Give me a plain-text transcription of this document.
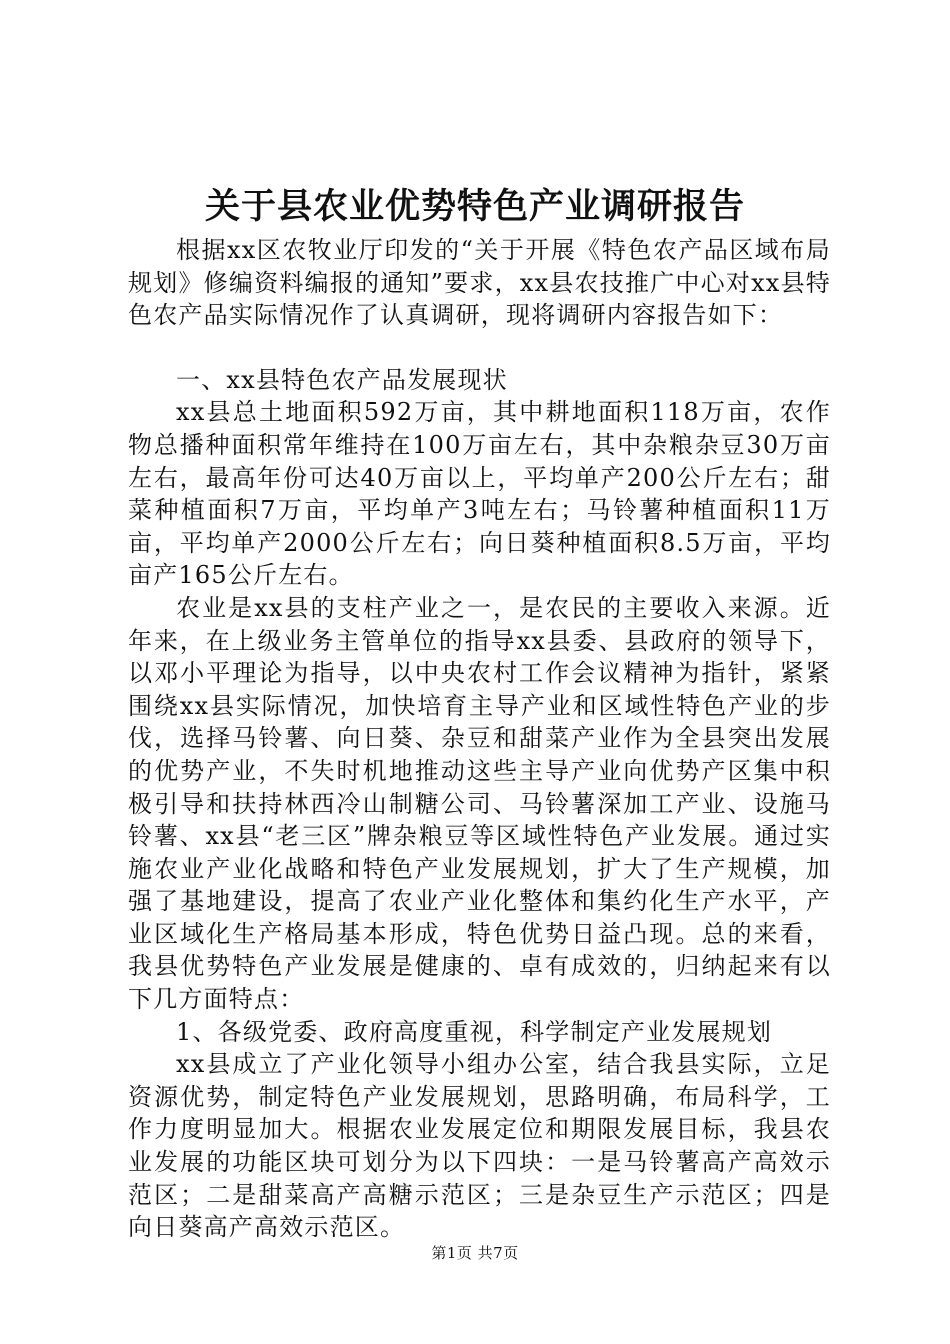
关于县农业优势特色产业调研报告

根据xx区农牧业厅印发的“关于开展《特色农产品区域布局规划》修编资料编报的通知”要求，xx县农技推广中心对xx县特色农产品实际情况作了认真调研，现将调研内容报告如下：

一、xx县特色农产品发展现状

xx县总土地面积592万亩，其中耕地面积118万亩，农作物总播种面积常年维持在100万亩左右，其中杂粮杂豆30万亩左右，最高年份可达40万亩以上，平均单产200公斤左右；甜菜种植面积7万亩，平均单产3吨左右；马铃薯种植面积11万亩，平均单产2000公斤左右；向日葵种植面积8.5万亩，平均亩产165公斤左右。

农业是xx县的支柱产业之一，是农民的主要收入来源。近年来，在上级业务主管单位的指导xx县委、县政府的领导下，以邓小平理论为指导，以中央农村工作会议精神为指针，紧紧围绕xx县实际情况，加快培育主导产业和区域性特色产业的步伐，选择马铃薯、向日葵、杂豆和甜菜产业作为全县突出发展的优势产业，不失时机地推动这些主导产业向优势产区集中积极引导和扶持林西冷山制糖公司、马铃薯深加工产业、设施马铃薯、xx县“老三区”牌杂粮豆等区域性特色产业发展。通过实施农业产业化战略和特色产业发展规划，扩大了生产规模，加强了基地建设，提高了农业产业化整体和集约化生产水平，产业区域化生产格局基本形成，特色优势日益凸现。总的来看，我县优势特色产业发展是健康的、卓有成效的，归纳起来有以下几方面特点：

1、各级党委、政府高度重视，科学制定产业发展规划

xx县成立了产业化领导小组办公室，结合我县实际，立足资源优势，制定特色产业发展规划，思路明确，布局科学，工作力度明显加大。根据农业发展定位和期限发展目标，我县农业发展的功能区块可划分为以下四块：一是马铃薯高产高效示范区；二是甜菜高产高糖示范区；三是杂豆生产示范区；四是向日葵高产高效示范区。

第1页 共7页
